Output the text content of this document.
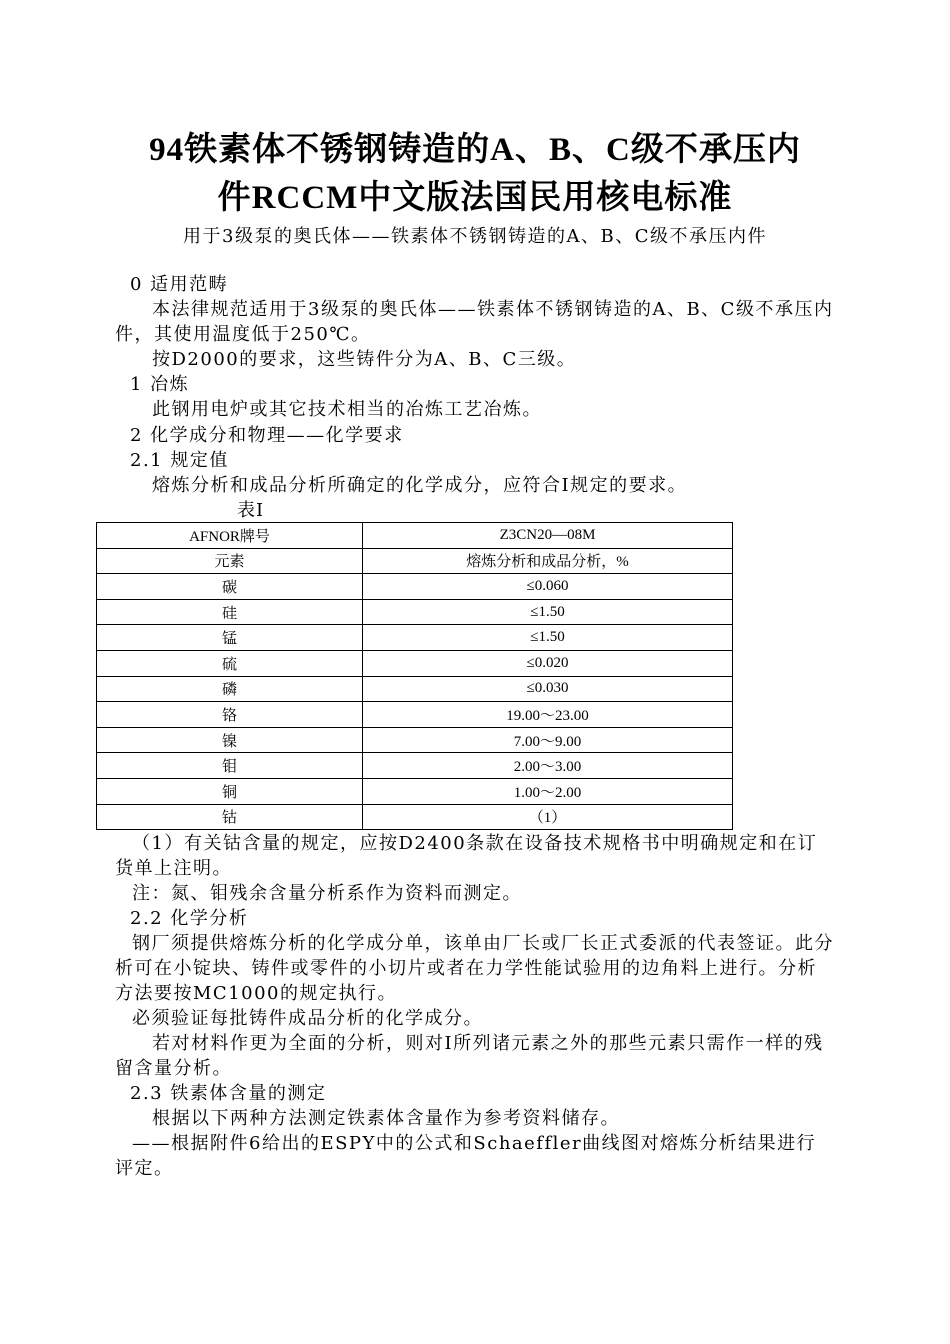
94铁素体不锈钢铸造的A、B、C级不承压内
件RCCM中文版法国民用核电标准
用于3级泵的奥氏体——铁素体不锈钢铸造的A、B、C级不承压内件

0 适用范畴

本法律规范适用于3级泵的奥氏体——铁素体不锈钢铸造的A、B、C级不承压内件，其使用温度低于250℃。

按D2000的要求，这些铸件分为A、B、C三级。

1 冶炼

此钢用电炉或其它技术相当的冶炼工艺冶炼。

2 化学成分和物理——化学要求

2.1 规定值

熔炼分析和成品分析所确定的化学成分，应符合I规定的要求。

表I
AFNOR牌号	Z3CN20—08M
元素	熔炼分析和成品分析，%
碳	≤0.060
硅	≤1.50
锰	≤1.50
硫	≤0.020
磷	≤0.030
铬	19.00～23.00
镍	7.00～9.00
钼	2.00～3.00
铜	1.00～2.00
钴	（1）

（1）有关钴含量的规定，应按D2400条款在设备技术规格书中明确规定和在订货单上注明。

注：氮、钼残余含量分析系作为资料而测定。

2.2 化学分析

钢厂须提供熔炼分析的化学成分单，该单由厂长或厂长正式委派的代表签证。此分析可在小锭块、铸件或零件的小切片或者在力学性能试验用的边角料上进行。分析方法要按MC1000的规定执行。

必须验证每批铸件成品分析的化学成分。

若对材料作更为全面的分析，则对I所列诸元素之外的那些元素只需作一样的残留含量分析。

2.3 铁素体含量的测定

根据以下两种方法测定铁素体含量作为参考资料储存。

——根据附件6给出的ESPY中的公式和Schaeffler曲线图对熔炼分析结果进行评定。
